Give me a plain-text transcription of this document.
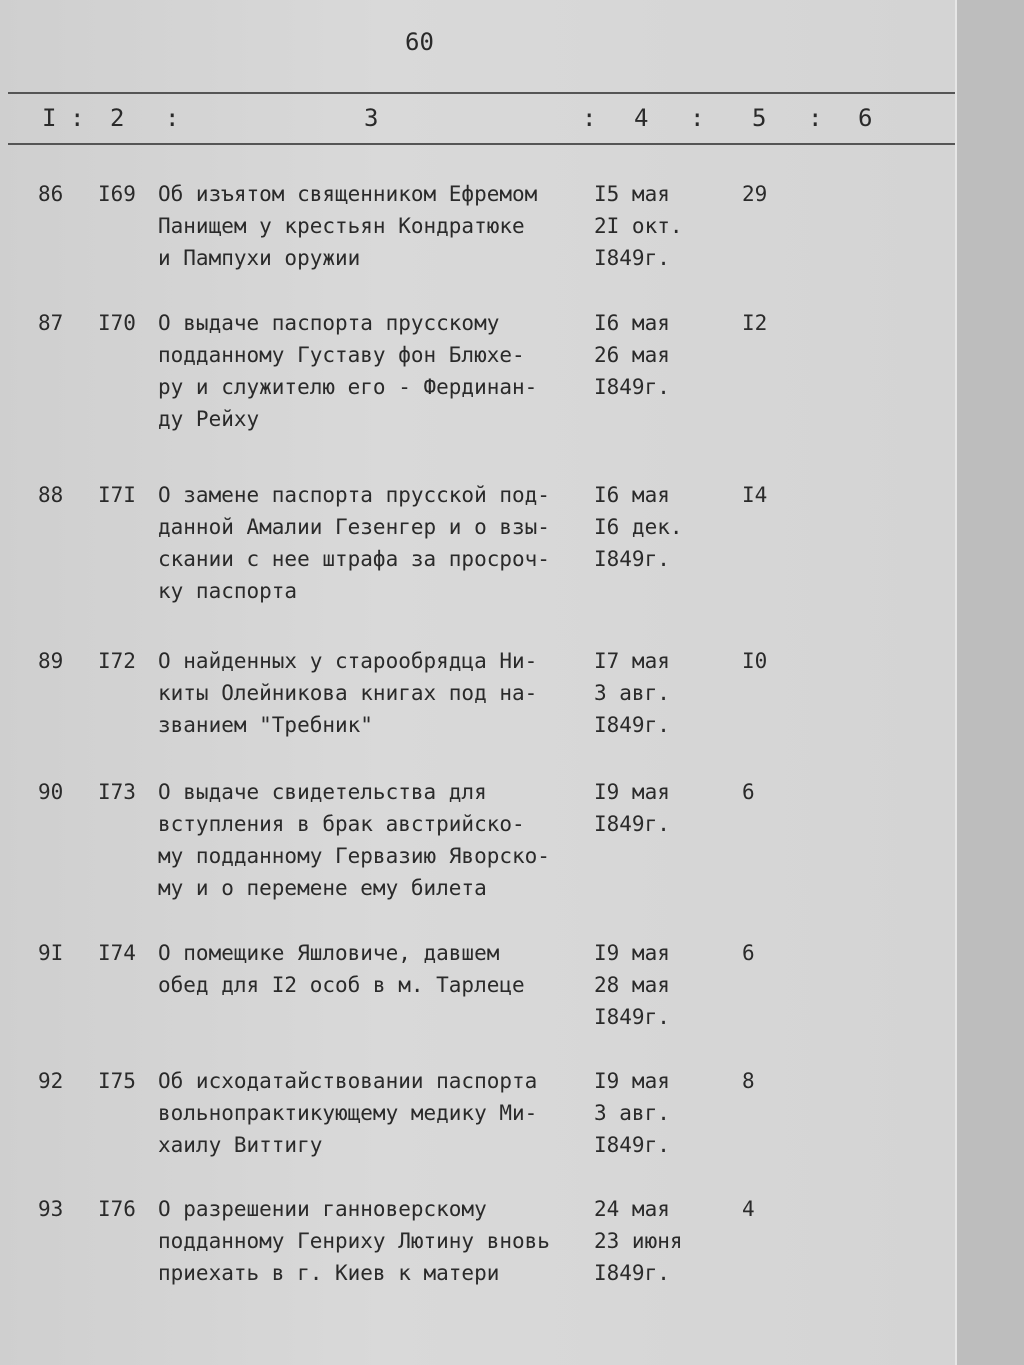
60
I : 2 :	3	: 4 : 5 : 6
86 I69 Об изъятом священником Ефремом
Панищем у крестьян Кондратюке
и Пампухи оружии
I5 мая
2I окт.
I849г.
29
87 I70 О выдаче паспорта прусскому
подданному Густаву фон Блюхе-
ру и служителю его - Фердинан-
ду Рейху
I6 мая
26 мая
I849г.
I2
88 I7I О замене паспорта прусской под-
данной Амалии Гезенгер и о взы-
скании с нее штрафа за просроч-
ку паспорта
I6 мая
I6 дек.
I849г.
I4
89 I72 О найденных у старообрядца Ни-
киты Олейникова книгах под на-
званием "Требник"
I7 мая
3 авг.
I849г.
I0
90 I73 О выдаче свидетельства для
вступления в брак австрийско-
му подданному Гервазию Яворско-
му и о перемене ему билета
I9 мая
I849г.
6
9I I74 О помещике Яшловиче, давшем
обед для I2 особ в м. Тарлеце
I9 мая
28 мая
I849г.
6
92 I75 Об исходатайствовании паспорта
вольнопрактикующему медику Ми-
хаилу Виттигу
I9 мая
3 авг.
I849г.
8
93 I76 О разрешении ганноверскому
подданному Генриху Лютину вновь
приехать в г. Киев к матери
24 мая
23 июня
I849г.
4
